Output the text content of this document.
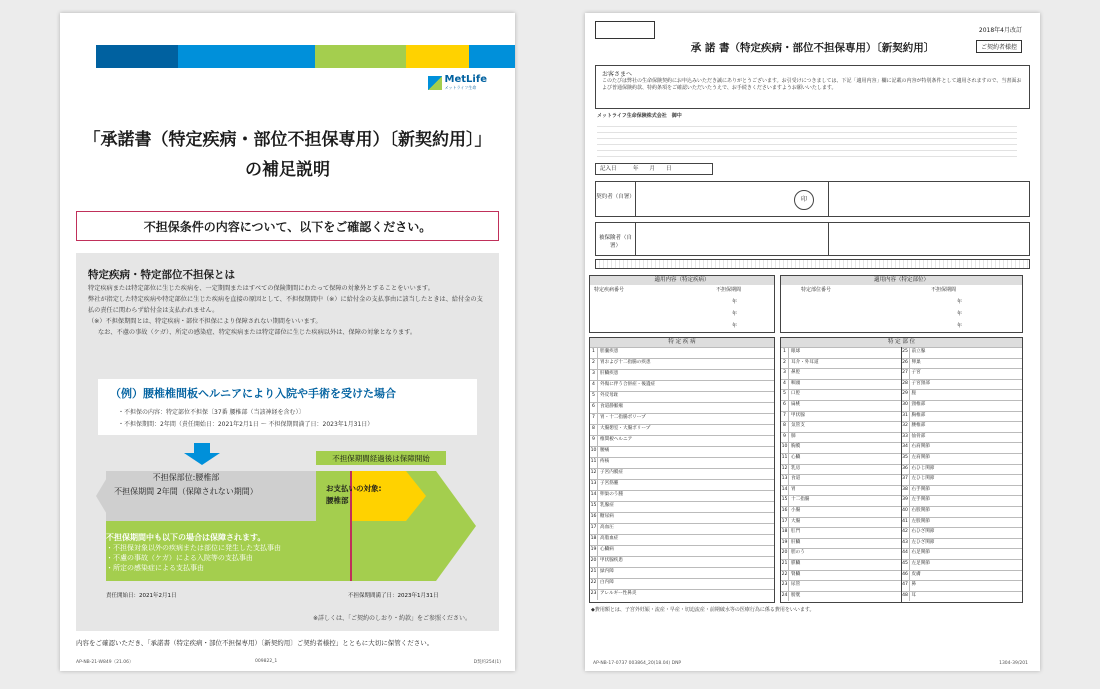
MetLife
メットライフ生命
「承諾書（特定疾病・部位不担保専用）〔新契約用〕」
の補足説明
不担保条件の内容について、以下をご確認ください。
特定疾病・特定部位不担保とは
特定疾病または特定部位に生じた疾病を、一定期間またはすべての保険期間にわたって保障の対象外とすることをいいます。
弊社が指定した特定疾病や特定部位に生じた疾病を直接の原因として、不担保期間中（※）に給付金の支払事由に該当したときは、給付金の支払の責任に関わらず給付金は支払われません。
（※）不担保期間とは、特定疾病・部位不担保により保障されない期間をいいます。
なお、不慮の事故（ケガ）、所定の感染症、特定疾病または特定部位に生じた疾病以外は、保障の対象となります。
（例）腰椎椎間板ヘルニアにより入院や手術を受けた場合
・不担保の内容：特定部位不担保〔37番 腰椎部（当該神経を含む）〕
・不担保期間：2年間（責任開始日：2021年2月1日 〜 不担保期間満了日：2023年1月31日）
不担保期間経過後は保障開始
不担保部位:腰椎部
不担保期間 2年間（保障されない期間）	お支払いの対象:
腰椎部
不担保期間中も以下の場合は保障されます。
・不担保対象以外の疾病または部位に発生した支払事由
・不慮の事故（ケガ）による入院等の支払事由
・所定の感染症による支払事由
責任開始日：2021年2月1日	不担保期間満了日：2023年1月31日
※詳しくは、「ご契約のしおり・約款」をご参照ください。
内容をご確認いただき、「承諾書（特定疾病・部位不担保専用）〔新契約用〕ご契約者様控」とともに大切に保管ください。
AP-NB-21-W849（21.06）	009822_1	D契約254(1)
2018年4月改訂
ご契約者様控
承 諾 書（特定疾病・部位不担保専用）〔新契約用〕
お客さまへ
このたびは弊社の生命保険契約にお申込みいただき誠にありがとうございます。お引受けにつきましては、下記「適用内容」欄に記載の内容が特別条件として適用されますので、当書面および普通保険約款、特約条項をご確認いただいたうえで、お手続きくださいますようお願いいたします。
メットライフ生命保険株式会社　御中
記入日　　　年　　月　　日
契約者（自署）	印
被保険者（自署）
適用内容（特定疾病）
特定疾病番号	不担保期間
年
年
年
特 定 疾 病
1	胆嚢疾患
2	胃および十二指腸の疾患
3	肝臓疾患
4	外傷に伴う合併症・後遺症
5	外反母趾
6	食道静脈瘤
7	胃・十二指腸ポリープ
8	大腸憩室・大腸ポリープ
9	椎間板ヘルニア
10 腰痛
11 痔核
12 子宮内膜症
13 子宮筋腫
14 卵巣のう腫
15 乳腺症
16 糖尿病
17 高血圧
18 高脂血症
19 心臓病
20 甲状腺疾患
21 緑内障
22 白内障
23 アレルギー性鼻炎
適用内容（特定部位）
特定部位番号	不担保期間
年
年
年
特 定 部 位
1	眼球
2	耳介・外耳道
3	鼻腔
4	咽頭
5	口腔
6	扁桃
7	甲状腺
8	気管支
9	肺
10 胸膜
11 心臓
12 乳房
13 食道
14 胃
15 十二指腸
16 小腸
17 大腸
18 肛門
19 肝臓
20 胆のう
21 膵臓
22 腎臓
23 尿管
24 膀胱
25 前立腺
26 卵巣
27 子宮
28 子宮頸部
29 腟
30 頸椎部
31 胸椎部
32 腰椎部
33 仙骨部
34 右肩関節
35 左肩関節
36 右ひじ関節
37 左ひじ関節
38 右手関節
39 左手関節
40 右股関節
41 左股関節
42 右ひざ関節
43 左ひざ関節
44 右足関節
45 左足関節
46 皮膚
47 鼻
48 耳
◆費用額とは、子宮外妊娠・流産・早産・切迫流産・前期破水等の医療行為に係る費用をいいます。
AP-NB-17-0737 003864_20(18.04) DNP	1304-39/201
